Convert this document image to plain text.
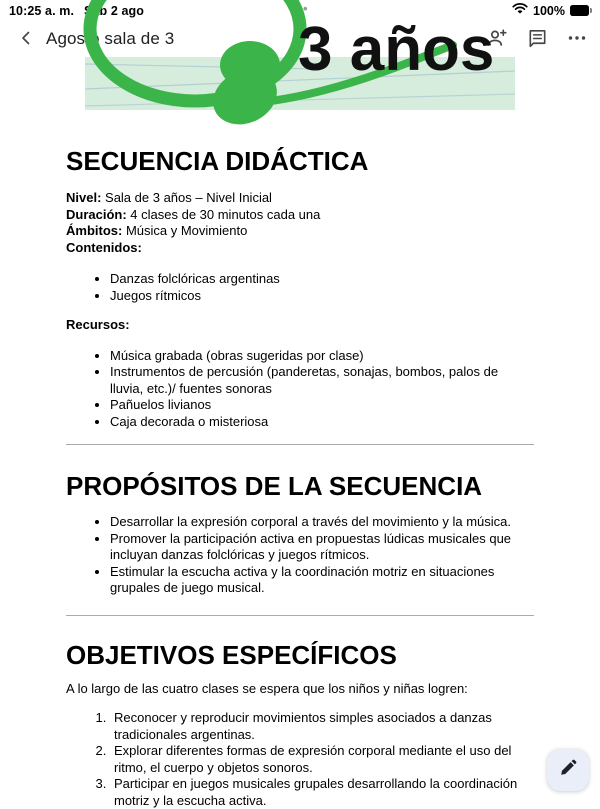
10:25 a. m. Sáb 2 ago	•••	100%
Agosto sala de 3 3 años
SECUENCIA DIDÁCTICA
Nivel: Sala de 3 años – Nivel Inicial
Duración: 4 clases de 30 minutos cada una
Ámbitos: Música y Movimiento
Contenidos:
• Danzas folclóricas argentinas
• Juegos rítmicos
Recursos:
• Música grabada (obras sugeridas por clase)
• Instrumentos de percusión (panderetas, sonajas, bombos, palos de lluvia, etc.)/ fuentes sonoras
• Pañuelos livianos
• Caja decorada o misteriosa
PROPÓSITOS DE LA SECUENCIA
• Desarrollar la expresión corporal a través del movimiento y la música.
• Promover la participación activa en propuestas lúdicas musicales que incluyan danzas folclóricas y juegos rítmicos.
• Estimular la escucha activa y la coordinación motriz en situaciones grupales de juego musical.
OBJETIVOS ESPECÍFICOS

A lo largo de las cuatro clases se espera que los niños y niñas logren:

1. Reconocer y reproducir movimientos simples asociados a danzas tradicionales argentinas.
2. Explorar diferentes formas de expresión corporal mediante el uso del ritmo, el cuerpo y objetos sonoros.
3. Participar en juegos musicales grupales desarrollando la coordinación motriz y la escucha activa.
